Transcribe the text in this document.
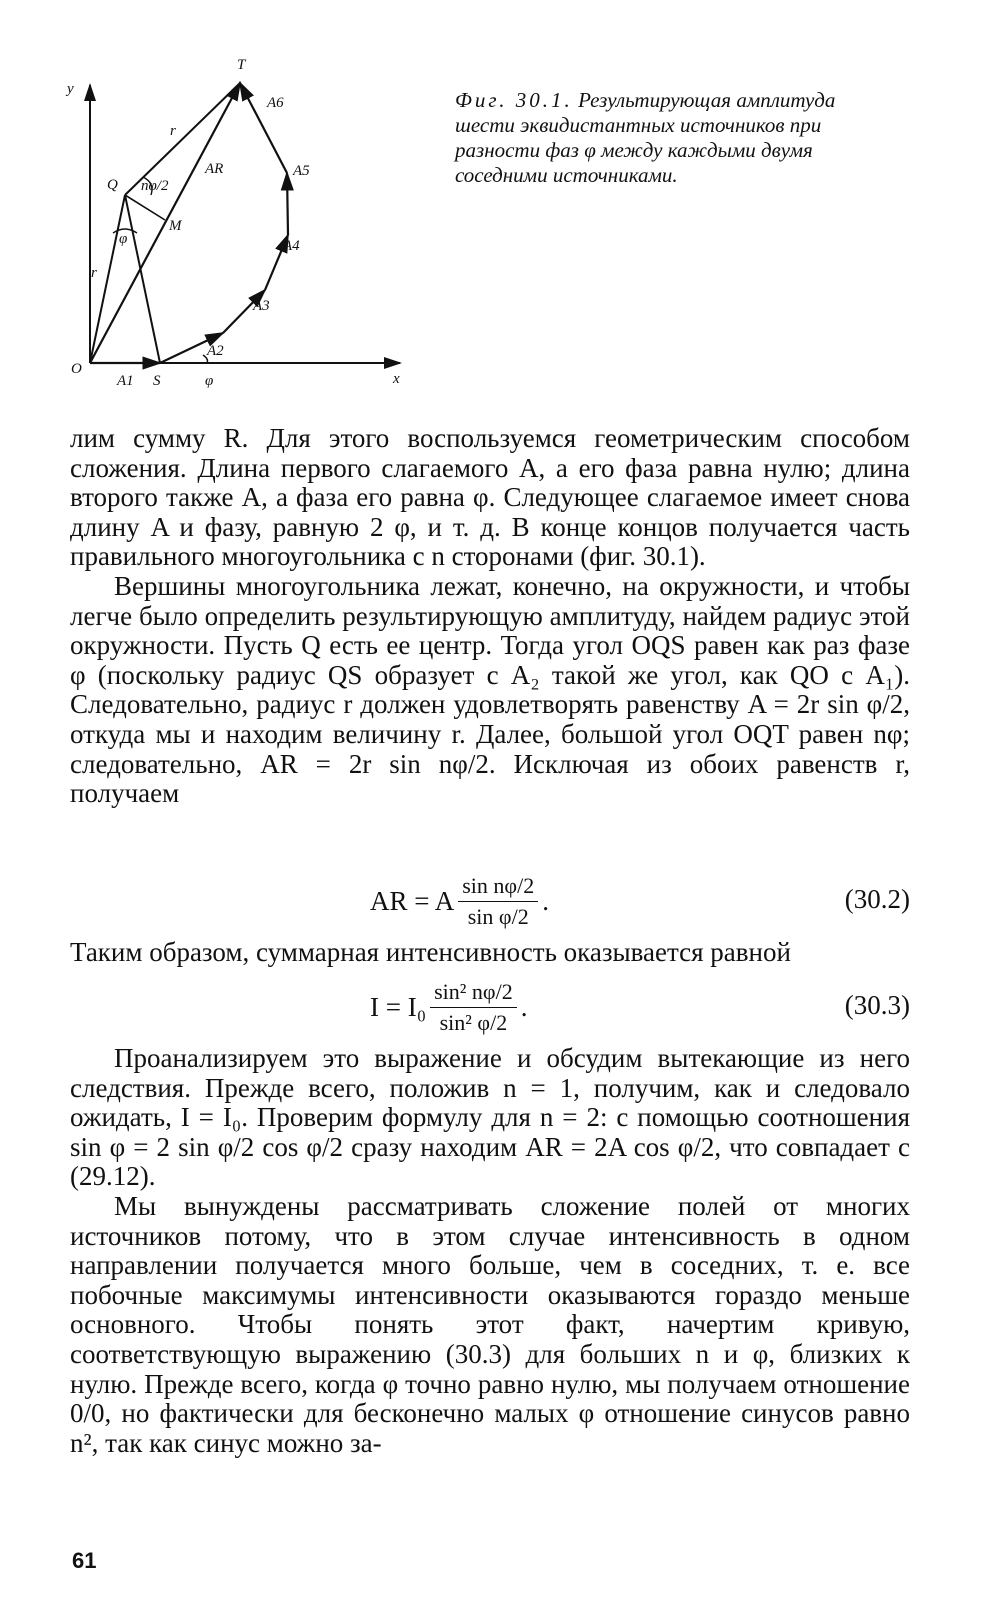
y
x
T
O
Q
M
S
r
r
nφ/2
φ
φ
AR
A1
A2
A3
A4
A5
A6	Фиг. 30.1. Результирующая амплитуда шести эквидистантных источников при разности фаз φ между каждыми двумя соседними источниками.

лим сумму R. Для этого воспользуемся геометрическим способом сложения. Длина первого слагаемого A, а его фаза равна нулю; длина второго также A, а фаза его равна φ. Следующее слагаемое имеет снова длину A и фазу, равную 2 φ, и т. д. В конце концов получается часть правильного многоугольника с n сторонами (фиг. 30.1).

Вершины многоугольника лежат, конечно, на окружности, и чтобы легче было определить результирующую амплитуду, найдем радиус этой окружности. Пусть Q есть ее центр. Тогда угол OQS равен как раз фазе φ (поскольку радиус QS образует с A₂ такой же угол, как QO с A₁). Следовательно, радиус r должен удовлетворять равенству A = 2r sin φ/2, откуда мы и находим величину r. Далее, большой угол OQT равен nφ; следовательно, AR = 2r sin nφ/2. Исключая из обоих равенств r, получаем

AR = A $\frac{\text{sin nφ/2}}{\text{sin φ/2}}$ .	(30.2)

Таким образом, суммарная интенсивность оказывается равной

$I = I_0 \frac{\text{sin² nφ/2}}{\text{sin² φ/2}}$ .	(30.3)

Проанализируем это выражение и обсудим вытекающие из него следствия. Прежде всего, положив n = 1, получим, как и следовало ожидать, I = I₀. Проверим формулу для n = 2: с помощью соотношения sin φ = 2 sin φ/2 cos φ/2 сразу находим AR = 2A cos φ/2, что совпадает с (29.12).

Мы вынуждены рассматривать сложение полей от многих источников потому, что в этом случае интенсивность в одном направлении получается много больше, чем в соседних, т. е. все побочные максимумы интенсивности оказываются гораздо меньше основного. Чтобы понять этот факт, начертим кривую, соответствующую выражению (30.3) для больших n и φ, близких к нулю. Прежде всего, когда φ точно равно нулю, мы получаем отношение 0/0, но фактически для бесконечно малых φ отношение синусов равно n², так как синус можно за-

61
